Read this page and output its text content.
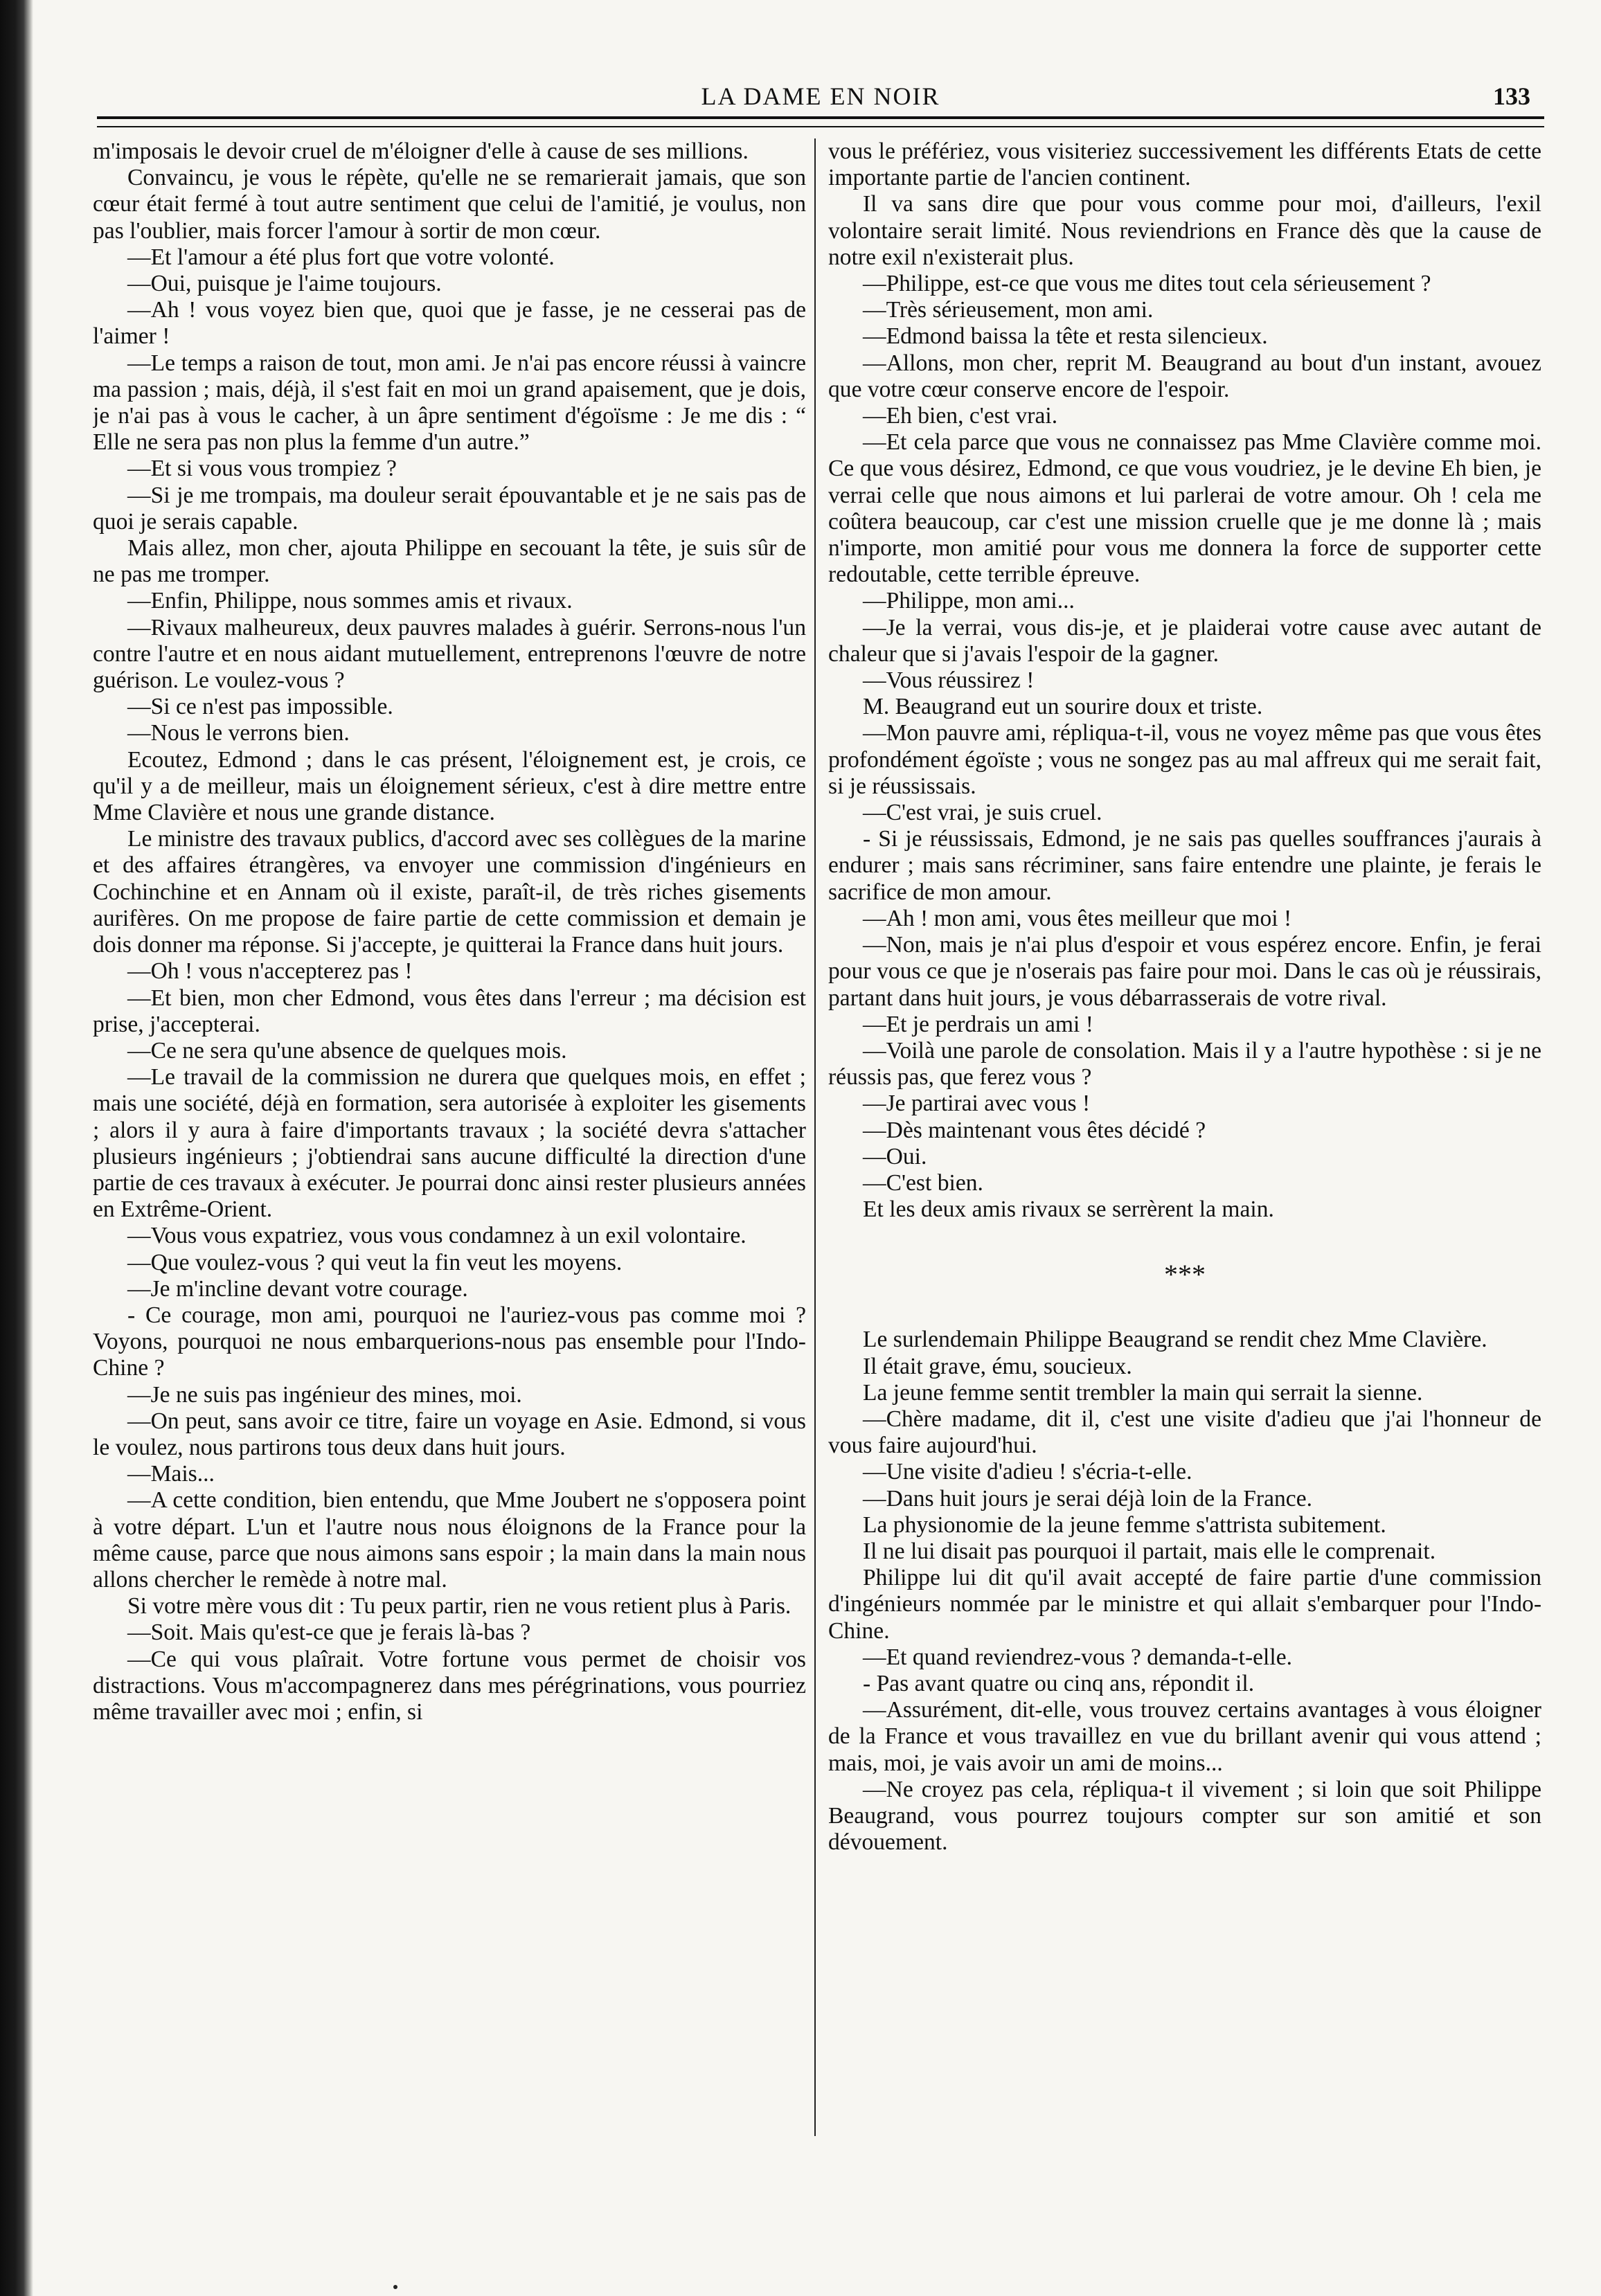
LA DAME EN NOIR	133

m'imposais le devoir cruel de m'éloigner d'elle à cause de ses millions.

Convaincu, je vous le répète, qu'elle ne se remarierait jamais, que son cœur était fermé à tout autre sentiment que celui de l'amitié, je voulus, non pas l'oublier, mais forcer l'amour à sortir de mon cœur.

—Et l'amour a été plus fort que votre volonté.

—Oui, puisque je l'aime toujours.

—Ah ! vous voyez bien que, quoi que je fasse, je ne cesserai pas de l'aimer !

—Le temps a raison de tout, mon ami. Je n'ai pas encore réussi à vaincre ma passion ; mais, déjà, il s'est fait en moi un grand apaisement, que je dois, je n'ai pas à vous le cacher, à un âpre sentiment d'égoïsme : Je me dis : “ Elle ne sera pas non plus la femme d'un autre.”

—Et si vous vous trompiez ?

—Si je me trompais, ma douleur serait épouvantable et je ne sais pas de quoi je serais capable.

Mais allez, mon cher, ajouta Philippe en secouant la tête, je suis sûr de ne pas me tromper.

—Enfin, Philippe, nous sommes amis et rivaux.

—Rivaux malheureux, deux pauvres malades à guérir. Serrons-nous l'un contre l'autre et en nous aidant mutuellement, entreprenons l'œuvre de notre guérison. Le voulez-vous ?

—Si ce n'est pas impossible.

—Nous le verrons bien.

Ecoutez, Edmond ; dans le cas présent, l'éloignement est, je crois, ce qu'il y a de meilleur, mais un éloignement sérieux, c'est à dire mettre entre Mme Clavière et nous une grande distance.

Le ministre des travaux publics, d'accord avec ses collègues de la marine et des affaires étrangères, va envoyer une commission d'ingénieurs en Cochinchine et en Annam où il existe, paraît-il, de très riches gisements aurifères. On me propose de faire partie de cette commission et demain je dois donner ma réponse. Si j'accepte, je quitterai la France dans huit jours.

—Oh ! vous n'accepterez pas !

—Et bien, mon cher Edmond, vous êtes dans l'erreur ; ma décision est prise, j'accepterai.

—Ce ne sera qu'une absence de quelques mois.

—Le travail de la commission ne durera que quelques mois, en effet ; mais une société, déjà en formation, sera autorisée à exploiter les gisements ; alors il y aura à faire d'importants travaux ; la société devra s'attacher plusieurs ingénieurs ; j'obtiendrai sans aucune difficulté la direction d'une partie de ces travaux à exécuter. Je pourrai donc ainsi rester plusieurs années en Extrême-Orient.

—Vous vous expatriez, vous vous condamnez à un exil volontaire.

—Que voulez-vous ? qui veut la fin veut les moyens.

—Je m'incline devant votre courage.

- Ce courage, mon ami, pourquoi ne l'auriez-vous pas comme moi ? Voyons, pourquoi ne nous embarquerions-nous pas ensemble pour l'Indo-Chine ?

—Je ne suis pas ingénieur des mines, moi.

—On peut, sans avoir ce titre, faire un voyage en Asie. Edmond, si vous le voulez, nous partirons tous deux dans huit jours.

—Mais...

—A cette condition, bien entendu, que Mme Joubert ne s'opposera point à votre départ. L'un et l'autre nous nous éloignons de la France pour la même cause, parce que nous aimons sans espoir ; la main dans la main nous allons chercher le remède à notre mal.

Si votre mère vous dit : Tu peux partir, rien ne vous retient plus à Paris.

—Soit. Mais qu'est-ce que je ferais là-bas ?

—Ce qui vous plaîrait. Votre fortune vous permet de choisir vos distractions. Vous m'accompagnerez dans mes pérégrinations, vous pourriez même travailler avec moi ; enfin, si

vous le préfériez, vous visiteriez successivement les différents Etats de cette importante partie de l'ancien continent.

Il va sans dire que pour vous comme pour moi, d'ailleurs, l'exil volontaire serait limité. Nous reviendrions en France dès que la cause de notre exil n'existerait plus.

—Philippe, est-ce que vous me dites tout cela sérieusement ?

—Très sérieusement, mon ami.

—Edmond baissa la tête et resta silencieux.

—Allons, mon cher, reprit M. Beaugrand au bout d'un instant, avouez que votre cœur conserve encore de l'espoir.

—Eh bien, c'est vrai.

—Et cela parce que vous ne connaissez pas Mme Clavière comme moi. Ce que vous désirez, Edmond, ce que vous voudriez, je le devine Eh bien, je verrai celle que nous aimons et lui parlerai de votre amour. Oh ! cela me coûtera beaucoup, car c'est une mission cruelle que je me donne là ; mais n'importe, mon amitié pour vous me donnera la force de supporter cette redoutable, cette terrible épreuve.

—Philippe, mon ami...

—Je la verrai, vous dis-je, et je plaiderai votre cause avec autant de chaleur que si j'avais l'espoir de la gagner.

—Vous réussirez !

M. Beaugrand eut un sourire doux et triste.

—Mon pauvre ami, répliqua-t-il, vous ne voyez même pas que vous êtes profondément égoïste ; vous ne songez pas au mal affreux qui me serait fait, si je réussissais.

—C'est vrai, je suis cruel.

- Si je réussissais, Edmond, je ne sais pas quelles souffrances j'aurais à endurer ; mais sans récriminer, sans faire entendre une plainte, je ferais le sacrifice de mon amour.

—Ah ! mon ami, vous êtes meilleur que moi !

—Non, mais je n'ai plus d'espoir et vous espérez encore. Enfin, je ferai pour vous ce que je n'oserais pas faire pour moi. Dans le cas où je réussirais, partant dans huit jours, je vous débarrasserais de votre rival.

—Et je perdrais un ami !

—Voilà une parole de consolation. Mais il y a l'autre hypothèse : si je ne réussis pas, que ferez vous ?

—Je partirai avec vous !

—Dès maintenant vous êtes décidé ?

—Oui.

—C'est bien.

Et les deux amis rivaux se serrèrent la main.

***

Le surlendemain Philippe Beaugrand se rendit chez Mme Clavière.

Il était grave, ému, soucieux.

La jeune femme sentit trembler la main qui serrait la sienne.

—Chère madame, dit il, c'est une visite d'adieu que j'ai l'honneur de vous faire aujourd'hui.

—Une visite d'adieu ! s'écria-t-elle.

—Dans huit jours je serai déjà loin de la France.

La physionomie de la jeune femme s'attrista subitement.

Il ne lui disait pas pourquoi il partait, mais elle le comprenait.

Philippe lui dit qu'il avait accepté de faire partie d'une commission d'ingénieurs nommée par le ministre et qui allait s'embarquer pour l'Indo-Chine.

—Et quand reviendrez-vous ? demanda-t-elle.

- Pas avant quatre ou cinq ans, répondit il.

—Assurément, dit-elle, vous trouvez certains avantages à vous éloigner de la France et vous travaillez en vue du brillant avenir qui vous attend ; mais, moi, je vais avoir un ami de moins...

—Ne croyez pas cela, répliqua-t il vivement ; si loin que soit Philippe Beaugrand, vous pourrez toujours compter sur son amitié et son dévouement.
